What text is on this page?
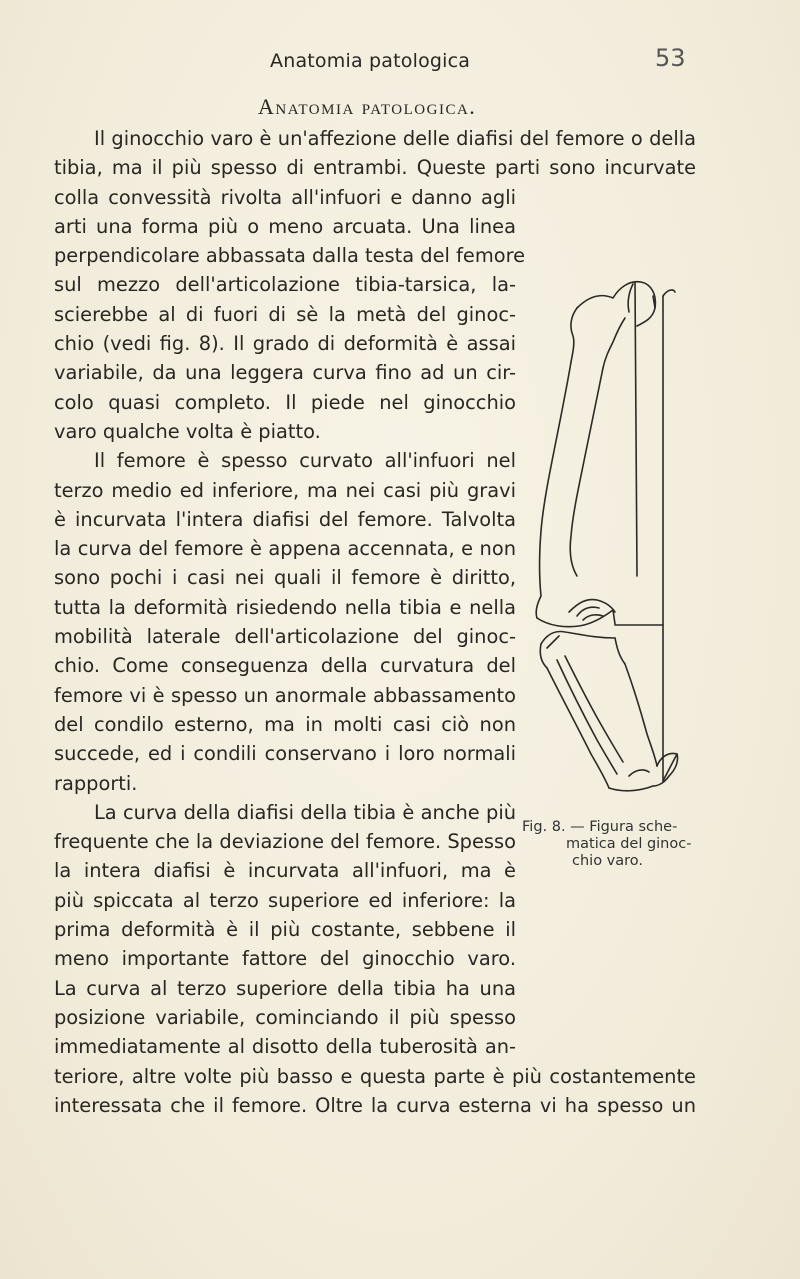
Anatomia patologica	53
Anatomia patologica.
Il ginocchio varo è un'affezione delle diafisi del femore o della
tibia, ma il più spesso di entrambi. Queste parti sono incurvate
colla convessità rivolta all'infuori e danno agli
arti una forma più o meno arcuata. Una linea
perpendicolare abbassata dalla testa del femore
sul mezzo dell'articolazione tibia-tarsica, la-
scierebbe al di fuori di sè la metà del ginoc-
chio (vedi fig. 8). Il grado di deformità è assai
variabile, da una leggera curva fino ad un cir-
colo quasi completo. Il piede nel ginocchio
varo qualche volta è piatto.
Il femore è spesso curvato all'infuori nel
terzo medio ed inferiore, ma nei casi più gravi
è incurvata l'intera diafisi del femore. Talvolta
la curva del femore è appena accennata, e non
sono pochi i casi nei quali il femore è diritto,
tutta la deformità risiedendo nella tibia e nella
mobilità laterale dell'articolazione del ginoc-
chio. Come conseguenza della curvatura del
femore vi è spesso un anormale abbassamento
del condilo esterno, ma in molti casi ciò non
succede, ed i condili conservano i loro normali
rapporti.
La curva della diafisi della tibia è anche più
frequente che la deviazione del femore. Spesso
la intera diafisi è incurvata all'infuori, ma è
più spiccata al terzo superiore ed inferiore: la
prima deformità è il più costante, sebbene il
meno importante fattore del ginocchio varo.
La curva al terzo superiore della tibia ha una
posizione variabile, cominciando il più spesso
immediatamente al disotto della tuberosità an-
teriore, altre volte più basso e questa parte è più costantemente
interessata che il femore. Oltre la curva esterna vi ha spesso un
Fig. 8. — Figura sche-
matica del ginoc-
chio varo.
